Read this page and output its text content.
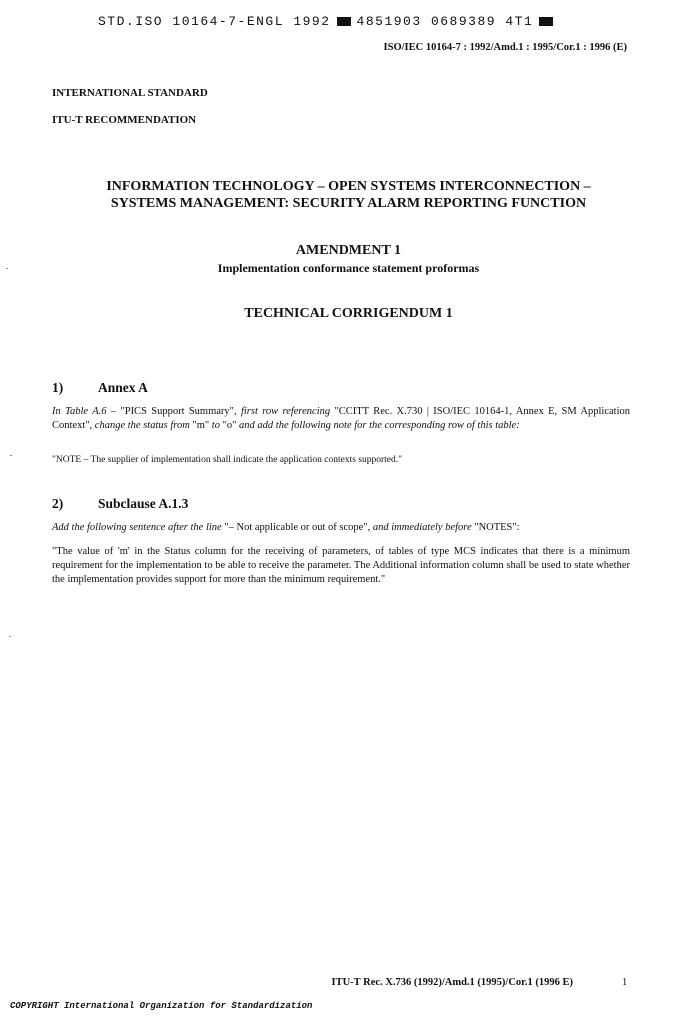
STD.ISO 10164-7-ENGL 1992 4851903 0689389 4T1
ISO/IEC 10164-7 : 1992/Amd.1 : 1995/Cor.1 : 1996 (E)
INTERNATIONAL STANDARD
ITU-T RECOMMENDATION
INFORMATION TECHNOLOGY – OPEN SYSTEMS INTERCONNECTION –
SYSTEMS MANAGEMENT: SECURITY ALARM REPORTING FUNCTION
AMENDMENT 1
Implementation conformance statement proformas
TECHNICAL CORRIGENDUM 1
1)	Annex A
In Table A.6 – "PICS Support Summary", first row referencing "CCITT Rec. X.730 | ISO/IEC 10164-1, Annex E, SM Application Context", change the status from "m" to "o" and add the following note for the corresponding row of this table:
"NOTE – The supplier of implementation shall indicate the application contexts supported."
2)	Subclause A.1.3
Add the following sentence after the line "– Not applicable or out of scope", and immediately before "NOTES":
"The value of 'm' in the Status column for the receiving of parameters, of tables of type MCS indicates that there is a minimum requirement for the implementation to be able to receive the parameter. The Additional information column shall be used to state whether the implementation provides support for more than the minimum requirement."
ITU-T Rec. X.736 (1992)/Amd.1 (1995)/Cor.1 (1996 E)	1
COPYRIGHT International Organization for Standardization
